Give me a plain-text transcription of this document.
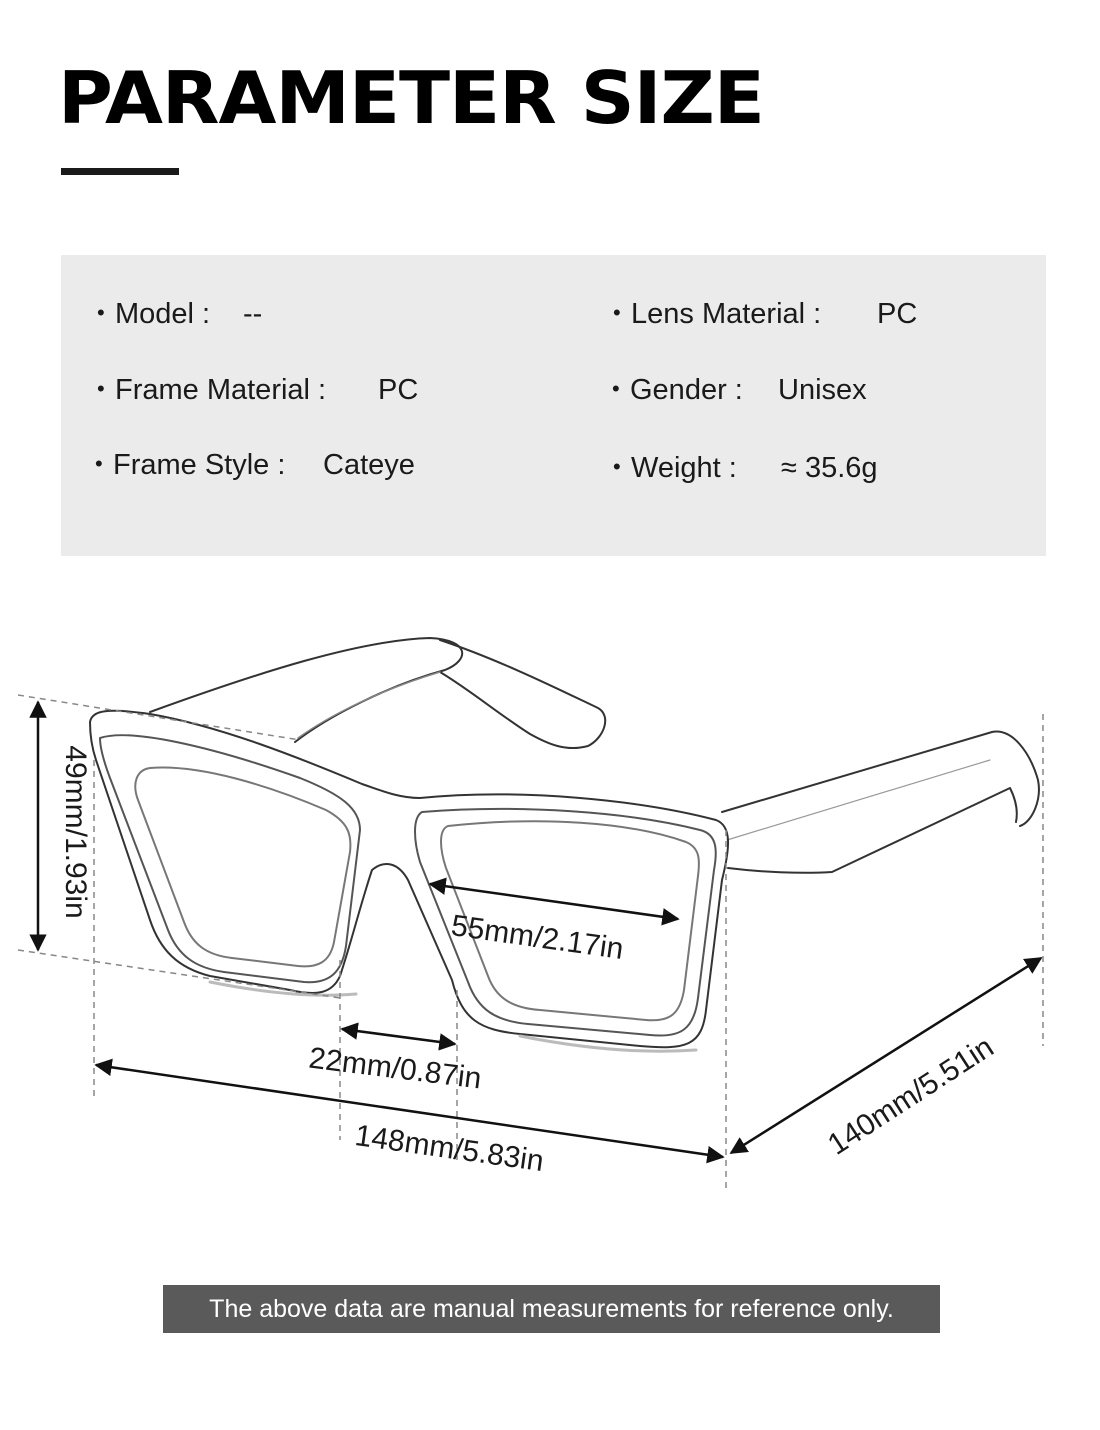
PARAMETER SIZE
• Model : --
• Frame Material : PC
• Frame Style : Cateye
• Lens Material : PC
• Gender : Unisex
• Weight : ≈ 35.6g
49mm/1.93in
55mm/2.17in
22mm/0.87in
148mm/5.83in	140mm/5.51in
The above data are manual measurements for reference only.
